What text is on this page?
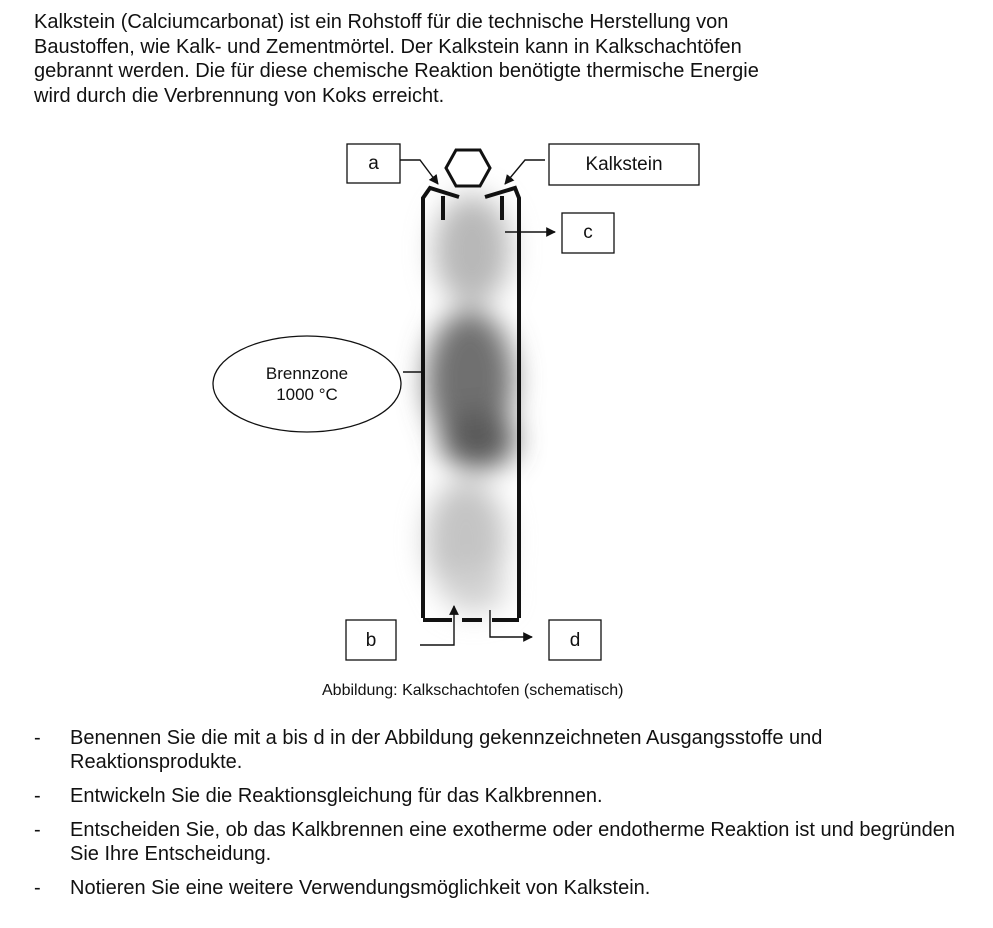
Kalkstein (Calciumcarbonat) ist ein Rohstoff für die technische Herstellung von
Baustoffen, wie Kalk- und Zementmörtel. Der Kalkstein kann in Kalkschachtöfen
gebrannt werden. Die für diese chemische Reaktion benötigte thermische Energie
wird durch die Verbrennung von Koks erreicht.

a	Kalkstein
c
b	d
Brennzone
1000 °C
Abbildung: Kalkschachtofen (schematisch)
- Benennen Sie die mit a bis d in der Abbildung gekennzeichneten Ausgangsstoffe und Reaktionsprodukte.
- Entwickeln Sie die Reaktionsgleichung für das Kalkbrennen.
- Entscheiden Sie, ob das Kalkbrennen eine exotherme oder endotherme Reaktion ist und begründen Sie Ihre Entscheidung.
- Notieren Sie eine weitere Verwendungsmöglichkeit von Kalkstein.
